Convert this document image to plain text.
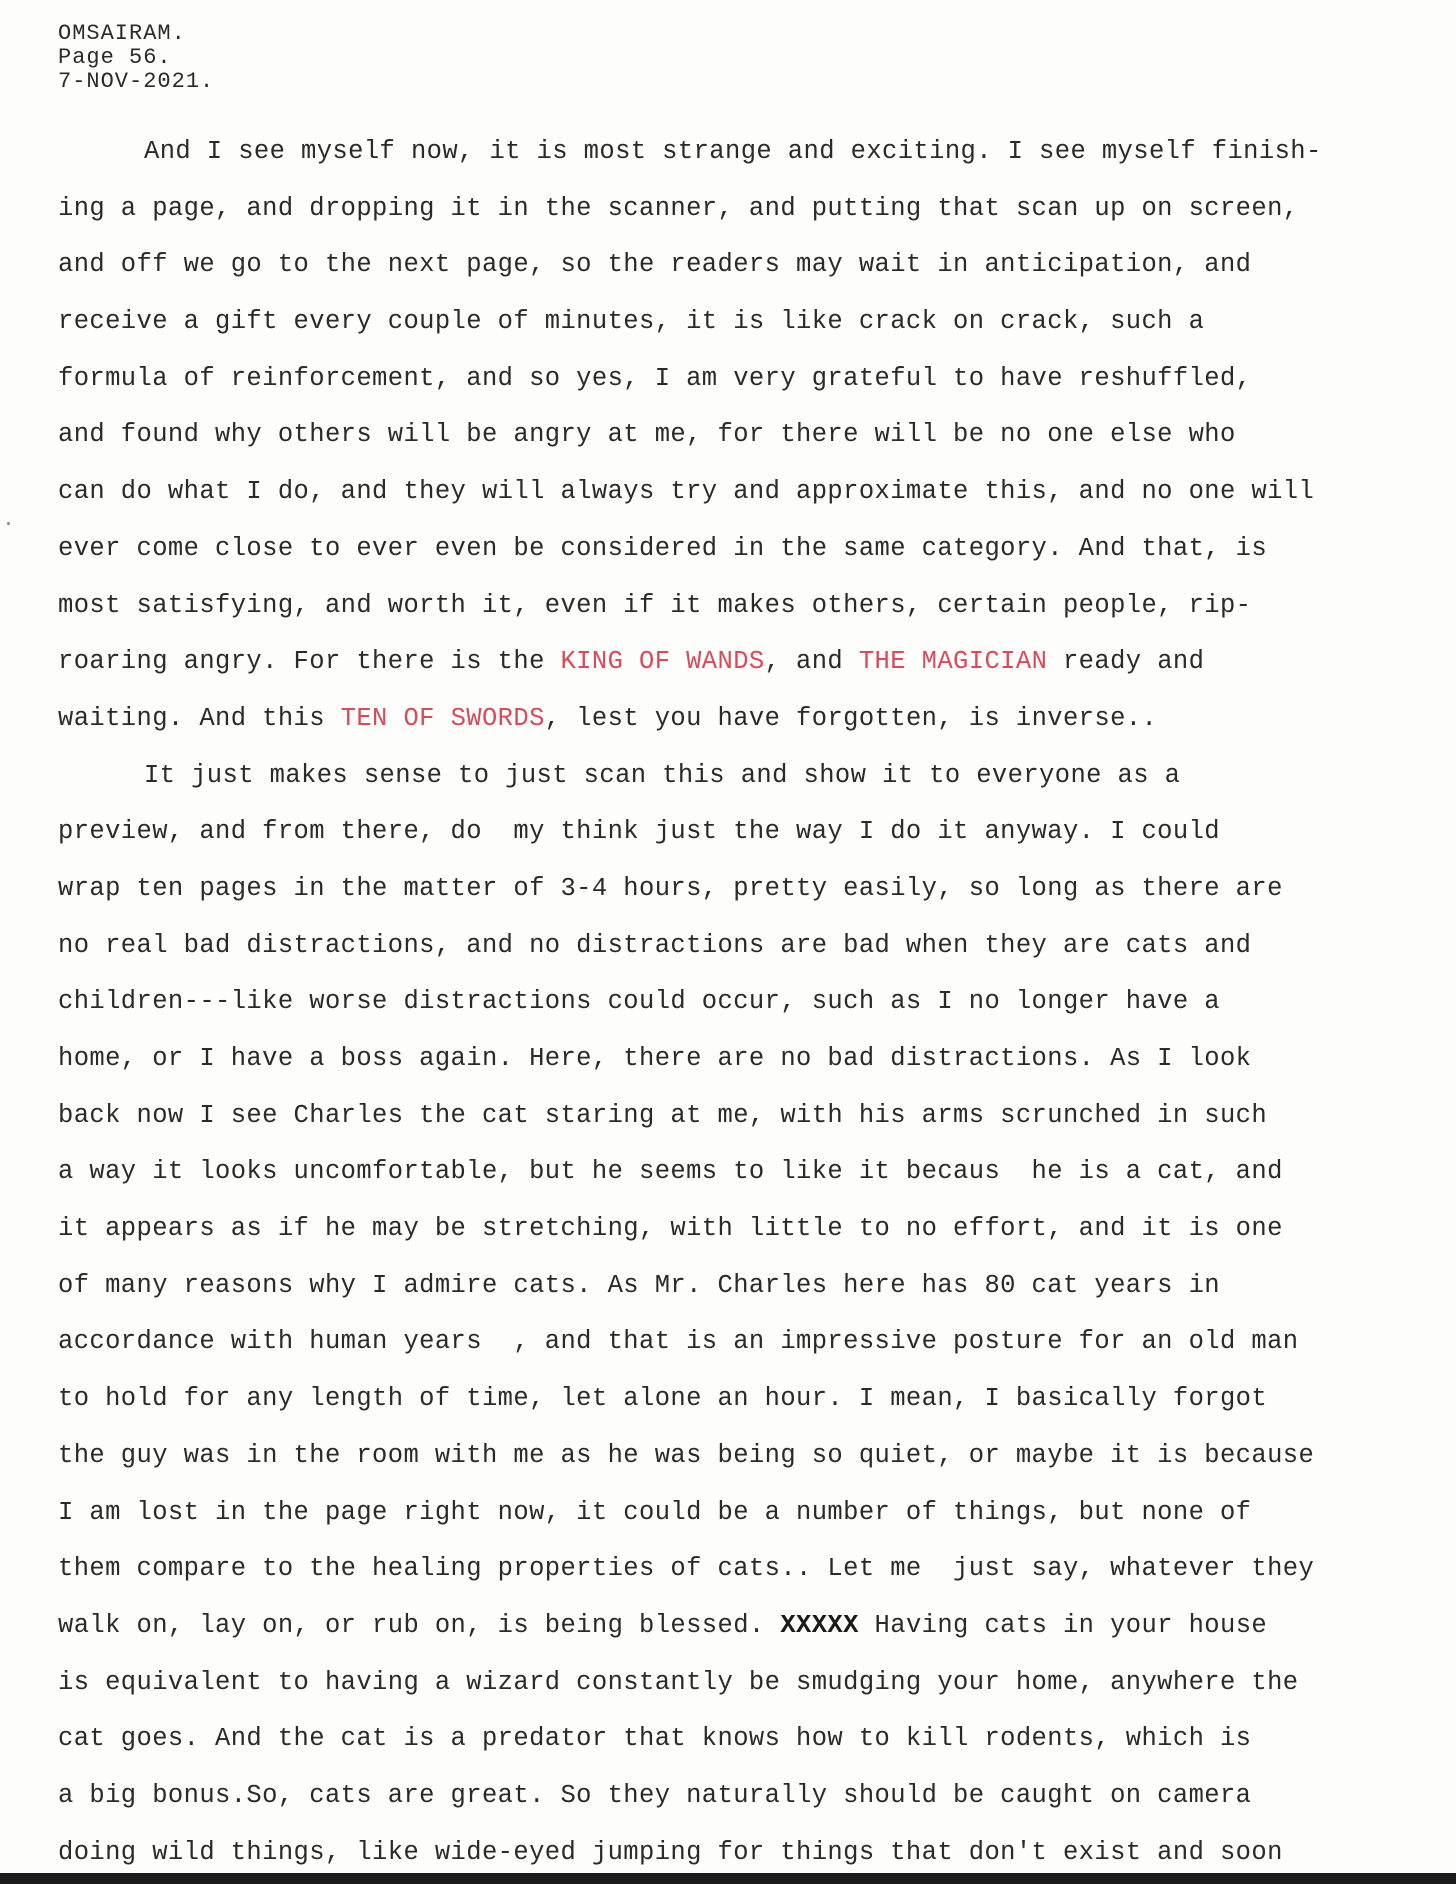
OMSAIRAM.
Page 56.
7-NOV-2021.
And I see myself now, it is most strange and exciting. I see myself finish-
ing a page, and dropping it in the scanner, and putting that scan up on screen,
and off we go to the next page, so the readers may wait in anticipation, and
receive a gift every couple of minutes, it is like crack on crack, such a
formula of reinforcement, and so yes, I am very grateful to have reshuffled,
and found why others will be angry at me, for there will be no one else who
can do what I do, and they will always try and approximate this, and no one will
ever come close to ever even be considered in the same category. And that, is
most satisfying, and worth it, even if it makes others, certain people, rip-
roaring angry. For there is the KING OF WANDS, and THE MAGICIAN ready and
waiting. And this TEN OF SWORDS, lest you have forgotten, is inverse..
It just makes sense to just scan this and show it to everyone as a
preview, and from there, do  my think just the way I do it anyway. I could
wrap ten pages in the matter of 3-4 hours, pretty easily, so long as there are
no real bad distractions, and no distractions are bad when they are cats and
children---like worse distractions could occur, such as I no longer have a
home, or I have a boss again. Here, there are no bad distractions. As I look
back now I see Charles the cat staring at me, with his arms scrunched in such
a way it looks uncomfortable, but he seems to like it becaus  he is a cat, and
it appears as if he may be stretching, with little to no effort, and it is one
of many reasons why I admire cats. As Mr. Charles here has 80 cat years in
accordance with human years  , and that is an impressive posture for an old man
to hold for any length of time, let alone an hour. I mean, I basically forgot
the guy was in the room with me as he was being so quiet, or maybe it is because
I am lost in the page right now, it could be a number of things, but none of
them compare to the healing properties of cats.. Let me  just say, whatever they
walk on, lay on, or rub on, is being blessed. XXXXX Having cats in your house
is equivalent to having a wizard constantly be smudging your home, anywhere the
cat goes. And the cat is a predator that knows how to kill rodents, which is
a big bonus.So, cats are great. So they naturally should be caught on camera
doing wild things, like wide-eyed jumping for things that don't exist and soon
